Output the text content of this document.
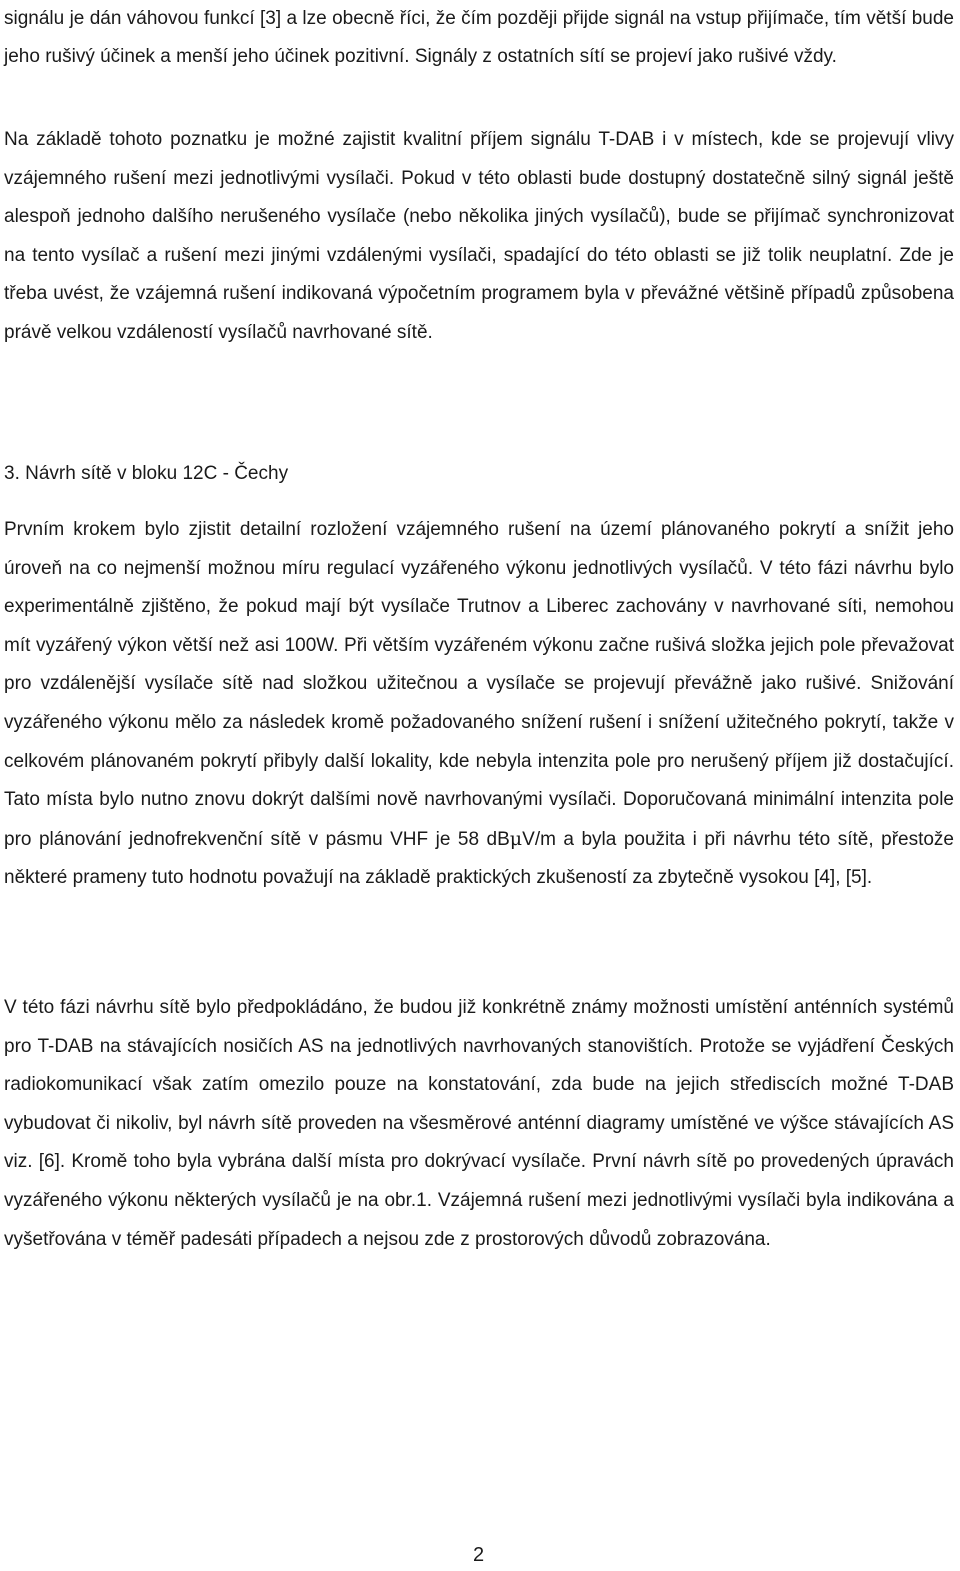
signálu je dán váhovou funkcí [3] a lze obecně říci, že čím později přijde signál na vstup přijímače, tím větší bude jeho rušivý účinek a menší jeho účinek pozitivní. Signály z ostatních sítí se projeví jako rušivé vždy.

Na základě tohoto poznatku je možné zajistit kvalitní příjem signálu T-DAB i v místech, kde se projevují vlivy vzájemného rušení mezi jednotlivými vysílači. Pokud v této oblasti bude dostupný dostatečně silný signál ještě alespoň jednoho dalšího nerušeného vysílače (nebo několika jiných vysílačů), bude se přijímač synchronizovat na tento vysílač a rušení mezi jinými vzdálenými vysílači, spadající do této oblasti se již tolik neuplatní. Zde je třeba uvést, že vzájemná rušení indikovaná výpočetním programem byla v převážné většině případů způsobena právě velkou vzdáleností vysílačů navrhované sítě.

3. Návrh sítě v bloku 12C - Čechy

Prvním krokem bylo zjistit detailní rozložení vzájemného rušení na území plánovaného pokrytí a snížit jeho úroveň na co nejmenší možnou míru regulací vyzářeného výkonu jednotlivých vysílačů. V této fázi návrhu bylo experimentálně zjištěno, že pokud mají být vysílače Trutnov a Liberec zachovány v navrhované síti, nemohou mít vyzářený výkon větší než asi 100W. Při větším vyzářeném výkonu začne rušivá složka jejich pole převažovat pro vzdálenější vysílače sítě nad složkou užitečnou a vysílače se projevují převážně jako rušivé. Snižování vyzářeného výkonu mělo za následek kromě požadovaného snížení rušení i snížení užitečného pokrytí, takže v celkovém plánovaném pokrytí přibyly další lokality, kde nebyla intenzita pole pro nerušený příjem již dostačující. Tato místa bylo nutno znovu dokrýt dalšími nově navrhovanými vysílači. Doporučovaná minimální intenzita pole pro plánování jednofrekvenční sítě v pásmu VHF je 58 dBμV/m a byla použita i při návrhu této sítě, přestože některé prameny tuto hodnotu považují na základě praktických zkušeností za zbytečně vysokou [4], [5].

V této fázi návrhu sítě bylo předpokládáno, že budou již konkrétně známy možnosti umístění anténních systémů pro T-DAB na stávajících nosičích AS na jednotlivých navrhovaných stanovištích. Protože se vyjádření Českých radiokomunikací však zatím omezilo pouze na konstatování, zda bude na jejich střediscích možné T-DAB vybudovat či nikoliv, byl návrh sítě proveden na všesměrové anténní diagramy umístěné ve výšce stávajících AS viz. [6]. Kromě toho byla vybrána další místa pro dokrývací vysílače. První návrh sítě po provedených úpravách vyzářeného výkonu některých vysílačů je na obr.1. Vzájemná rušení mezi jednotlivými vysílači byla indikována a vyšetřována v téměř padesáti případech a nejsou zde z prostorových důvodů zobrazována.

2
